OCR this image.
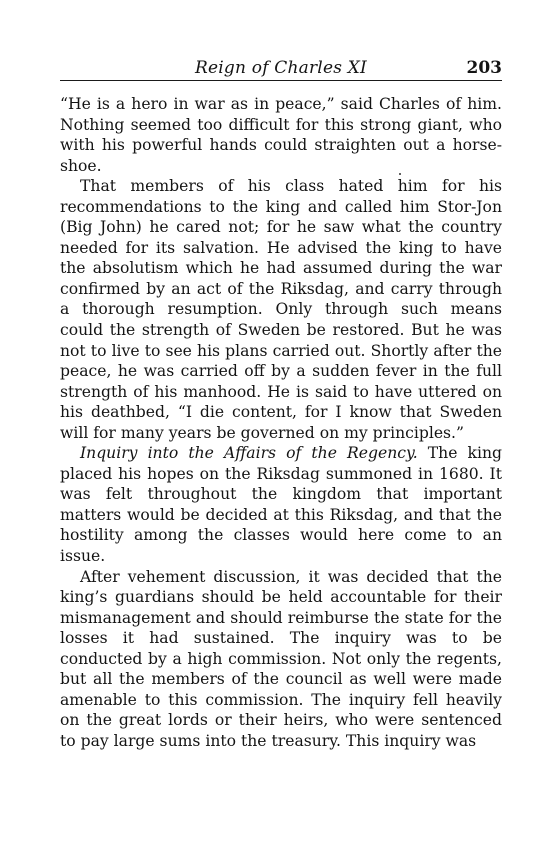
Reign of Charles XI	203

“He is a hero in war as in peace,” said Charles of him. Nothing seemed too difficult for this strong giant, who with his powerful hands could straighten out a horse-shoe.

That members of his class hated him for his recommendations to the king and called him Stor-Jon (Big John) he cared not; for he saw what the country needed for its salvation. He advised the king to have the absolutism which he had assumed during the war confirmed by an act of the Riksdag, and carry through a thorough resumption. Only through such means could the strength of Sweden be restored. But he was not to live to see his plans carried out. Shortly after the peace, he was carried off by a sudden fever in the full strength of his manhood. He is said to have uttered on his deathbed, “I die content, for I know that Sweden will for many years be governed on my principles.”

Inquiry into the Affairs of the Regency. The king placed his hopes on the Riksdag summoned in 1680. It was felt throughout the kingdom that important matters would be decided at this Riksdag, and that the hostility among the classes would here come to an issue.

After vehement discussion, it was decided that the king’s guardians should be held accountable for their mismanagement and should reimburse the state for the losses it had sustained. The inquiry was to be conducted by a high commission. Not only the regents, but all the members of the council as well were made amenable to this commission. The inquiry fell heavily on the great lords or their heirs, who were sentenced to pay large sums into the treasury. This inquiry was
